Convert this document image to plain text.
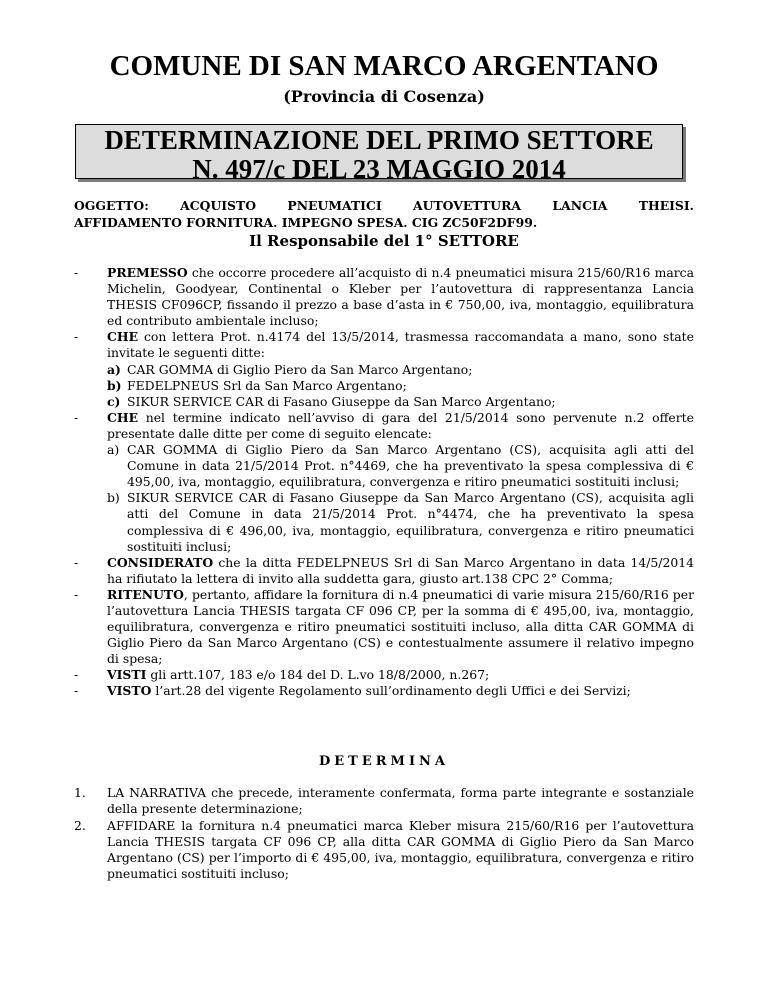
COMUNE DI SAN MARCO ARGENTANO
(Provincia di Cosenza)
DETERMINAZIONE DEL PRIMO SETTORE
N. 497/c DEL 23 MAGGIO 2014
OGGETTO: ACQUISTO PNEUMATICI AUTOVETTURA LANCIA THEISI.
AFFIDAMENTO FORNITURA. IMPEGNO SPESA. CIG ZC50F2DF99.
Il Responsabile del 1° SETTORE
- PREMESSO che occorre procedere all’acquisto di n.4 pneumatici misura 215/60/R16 marca Michelin, Goodyear, Continental o Kleber per l’autovettura di rappresentanza Lancia THESIS CF096CP, fissando il prezzo a base d’asta in € 750,00, iva, montaggio, equilibratura ed contributo ambientale incluso;
- CHE con lettera Prot. n.4174 del 13/5/2014, trasmessa raccomandata a mano, sono state invitate le seguenti ditte:
a) CAR GOMMA di Giglio Piero da San Marco Argentano;
b) FEDELPNEUS Srl da San Marco Argentano;
c) SIKUR SERVICE CAR di Fasano Giuseppe da San Marco Argentano;
- CHE nel termine indicato nell’avviso di gara del 21/5/2014 sono pervenute n.2 offerte presentate dalle ditte per come di seguito elencate:
a) CAR GOMMA di Giglio Piero da San Marco Argentano (CS), acquisita agli atti del Comune in data 21/5/2014 Prot. n°4469, che ha preventivato la spesa complessiva di € 495,00, iva, montaggio, equilibratura, convergenza e ritiro pneumatici sostituiti inclusi;
b) SIKUR SERVICE CAR di Fasano Giuseppe da San Marco Argentano (CS), acquisita agli atti del Comune in data 21/5/2014 Prot. n°4474, che ha preventivato la spesa complessiva di € 496,00, iva, montaggio, equilibratura, convergenza e ritiro pneumatici sostituiti inclusi;
- CONSIDERATO che la ditta FEDELPNEUS Srl di San Marco Argentano in data 14/5/2014 ha rifiutato la lettera di invito alla suddetta gara, giusto art.138 CPC 2° Comma;
- RITENUTO, pertanto, affidare la fornitura di n.4 pneumatici di varie misura 215/60/R16 per l’autovettura Lancia THESIS targata CF 096 CP, per la somma di € 495,00, iva, montaggio, equilibratura, convergenza e ritiro pneumatici sostituiti incluso, alla ditta CAR GOMMA di Giglio Piero da San Marco Argentano (CS) e contestualmente assumere il relativo impegno di spesa;
- VISTI gli artt.107, 183 e/o 184 del D. L.vo 18/8/2000, n.267;
- VISTO l’art.28 del vigente Regolamento sull’ordinamento degli Uffici e dei Servizi;
DETERMINA
1. LA NARRATIVA che precede, interamente confermata, forma parte integrante e sostanziale della presente determinazione;
2. AFFIDARE la fornitura n.4 pneumatici marca Kleber misura 215/60/R16 per l’autovettura Lancia THESIS targata CF 096 CP, alla ditta CAR GOMMA di Giglio Piero da San Marco Argentano (CS) per l’importo di € 495,00, iva, montaggio, equilibratura, convergenza e ritiro pneumatici sostituiti incluso;
